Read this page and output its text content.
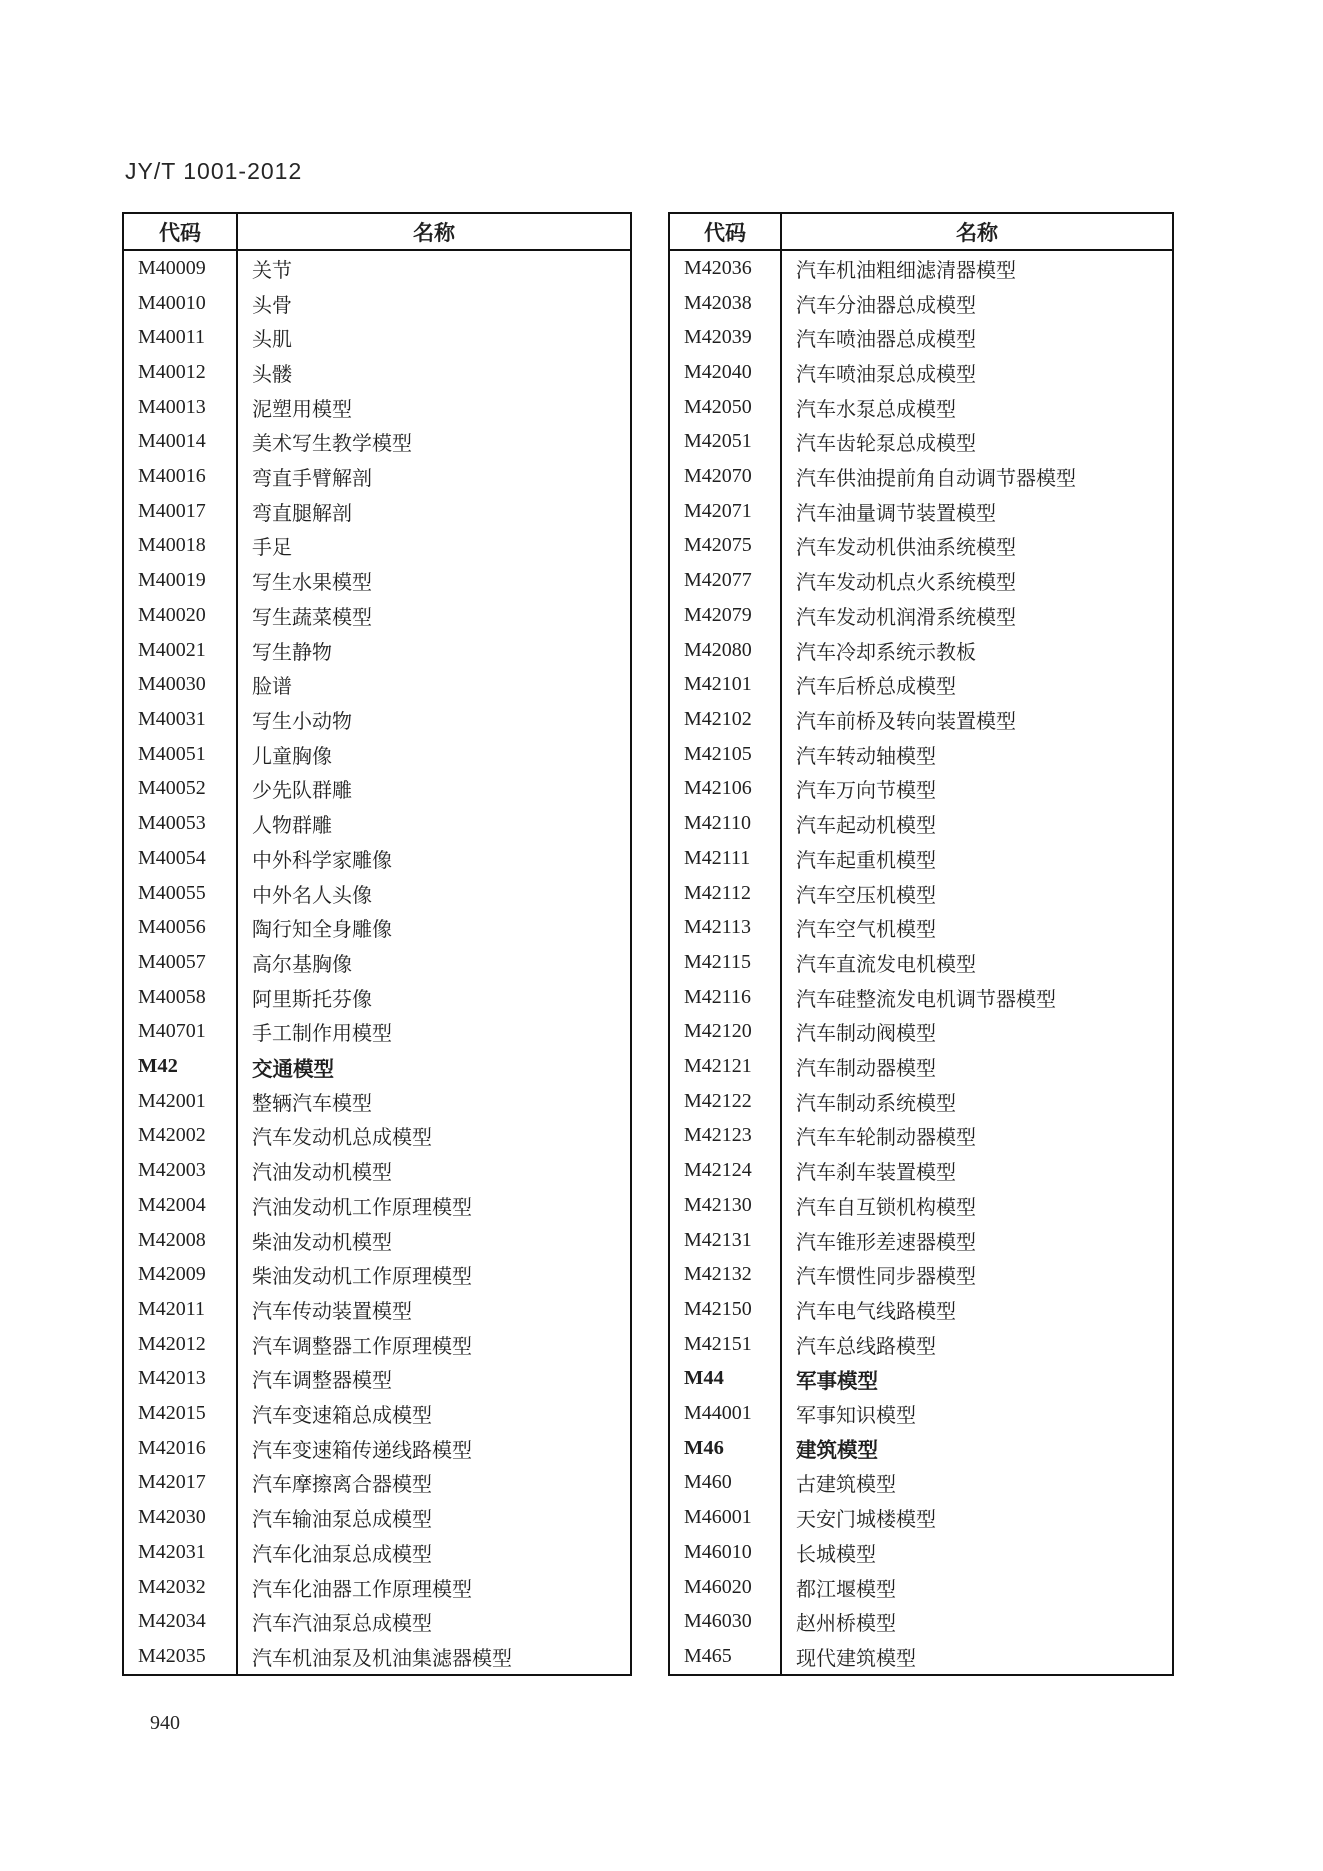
JY/T 1001-2012
代码	名称
M40009	关节
M40010	头骨
M40011	头肌
M40012	头髅
M40013	泥塑用模型
M40014	美术写生教学模型
M40016	弯直手臂解剖
M40017	弯直腿解剖
M40018	手足
M40019	写生水果模型
M40020	写生蔬菜模型
M40021	写生静物
M40030	脸谱
M40031	写生小动物
M40051	儿童胸像
M40052	少先队群雕
M40053	人物群雕
M40054	中外科学家雕像
M40055	中外名人头像
M40056	陶行知全身雕像
M40057	高尔基胸像
M40058	阿里斯托芬像
M40701	手工制作用模型
M42	交通模型
M42001	整辆汽车模型
M42002	汽车发动机总成模型
M42003	汽油发动机模型
M42004	汽油发动机工作原理模型
M42008	柴油发动机模型
M42009	柴油发动机工作原理模型
M42011	汽车传动装置模型
M42012	汽车调整器工作原理模型
M42013	汽车调整器模型
M42015	汽车变速箱总成模型
M42016	汽车变速箱传递线路模型
M42017	汽车摩擦离合器模型
M42030	汽车输油泵总成模型
M42031	汽车化油泵总成模型
M42032	汽车化油器工作原理模型
M42034	汽车汽油泵总成模型
M42035	汽车机油泵及机油集滤器模型
代码	名称
M42036	汽车机油粗细滤清器模型
M42038	汽车分油器总成模型
M42039	汽车喷油器总成模型
M42040	汽车喷油泵总成模型
M42050	汽车水泵总成模型
M42051	汽车齿轮泵总成模型
M42070	汽车供油提前角自动调节器模型
M42071	汽车油量调节装置模型
M42075	汽车发动机供油系统模型
M42077	汽车发动机点火系统模型
M42079	汽车发动机润滑系统模型
M42080	汽车冷却系统示教板
M42101	汽车后桥总成模型
M42102	汽车前桥及转向装置模型
M42105	汽车转动轴模型
M42106	汽车万向节模型
M42110	汽车起动机模型
M42111	汽车起重机模型
M42112	汽车空压机模型
M42113	汽车空气机模型
M42115	汽车直流发电机模型
M42116	汽车硅整流发电机调节器模型
M42120	汽车制动阀模型
M42121	汽车制动器模型
M42122	汽车制动系统模型
M42123	汽车车轮制动器模型
M42124	汽车刹车装置模型
M42130	汽车自互锁机构模型
M42131	汽车锥形差速器模型
M42132	汽车惯性同步器模型
M42150	汽车电气线路模型
M42151	汽车总线路模型
M44	军事模型
M44001	军事知识模型
M46	建筑模型
M460	古建筑模型
M46001	天安门城楼模型
M46010	长城模型
M46020	都江堰模型
M46030	赵州桥模型
M465	现代建筑模型
940
